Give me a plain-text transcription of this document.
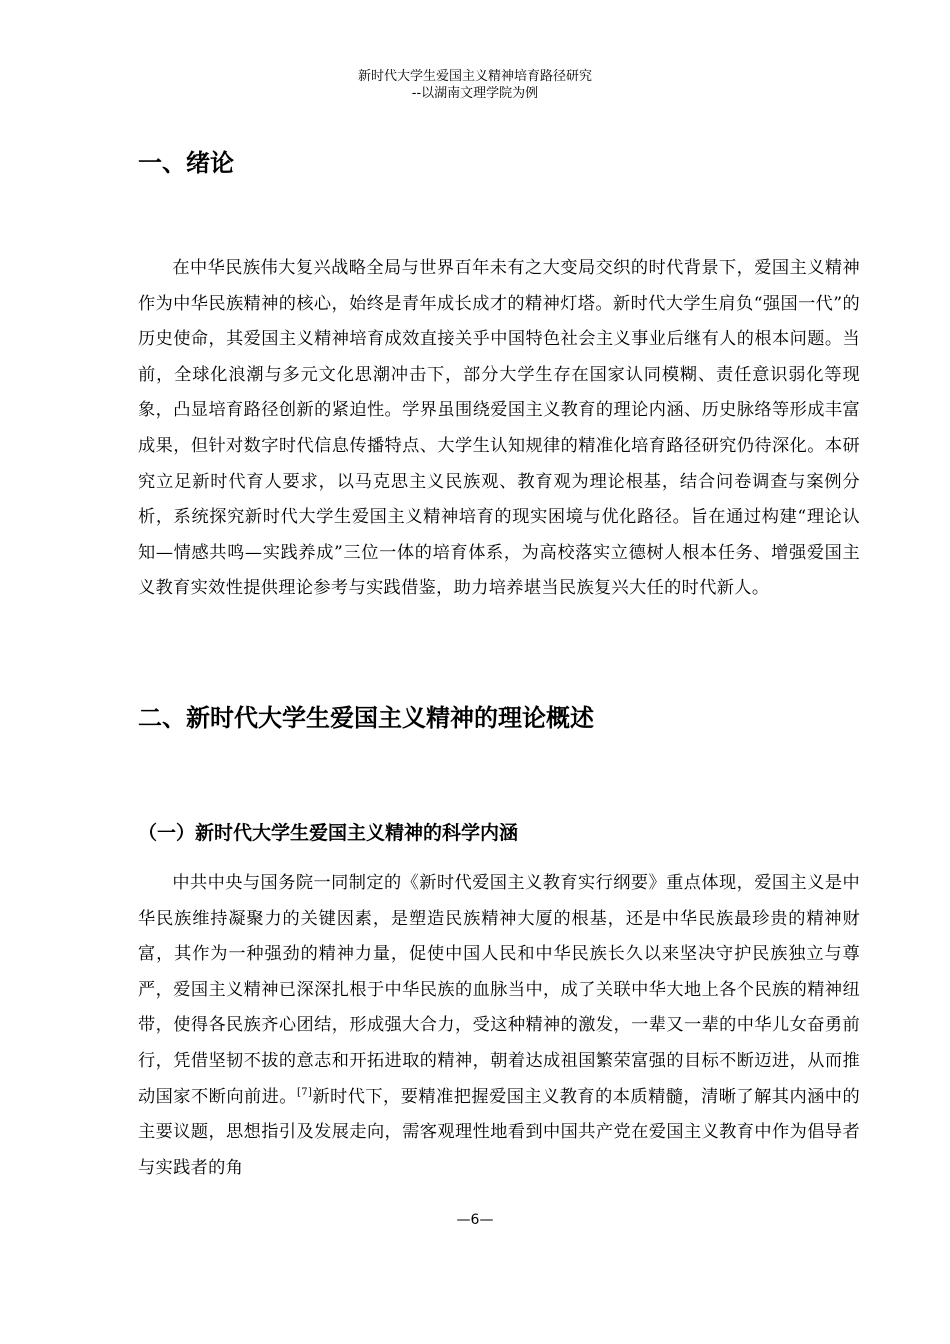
新时代大学生爱国主义精神培育路径研究
--以湖南文理学院为例
一、绪论
在中华民族伟大复兴战略全局与世界百年未有之大变局交织的时代背景下，爱国主义精神作为中华民族精神的核心，始终是青年成长成才的精神灯塔。新时代大学生肩负“强国一代”的历史使命，其爱国主义精神培育成效直接关乎中国特色社会主义事业后继有人的根本问题。当前，全球化浪潮与多元文化思潮冲击下，部分大学生存在国家认同模糊、责任意识弱化等现象，凸显培育路径创新的紧迫性。学界虽围绕爱国主义教育的理论内涵、历史脉络等形成丰富成果，但针对数字时代信息传播特点、大学生认知规律的精准化培育路径研究仍待深化。本研究立足新时代育人要求，以马克思主义民族观、教育观为理论根基，结合问卷调查与案例分析，系统探究新时代大学生爱国主义精神培育的现实困境与优化路径。旨在通过构建“理论认知—情感共鸣—实践养成”三位一体的培育体系，为高校落实立德树人根本任务、增强爱国主义教育实效性提供理论参考与实践借鉴，助力培养堪当民族复兴大任的时代新人。
二、新时代大学生爱国主义精神的理论概述
（一）新时代大学生爱国主义精神的科学内涵
中共中央与国务院一同制定的《新时代爱国主义教育实行纲要》重点体现，爱国主义是中华民族维持凝聚力的关键因素，是塑造民族精神大厦的根基，还是中华民族最珍贵的精神财富，其作为一种强劲的精神力量，促使中国人民和中华民族长久以来坚决守护民族独立与尊严，爱国主义精神已深深扎根于中华民族的血脉当中，成了关联中华大地上各个民族的精神纽带，使得各民族齐心团结，形成强大合力，受这种精神的激发，一辈又一辈的中华儿女奋勇前行，凭借坚韧不拔的意志和开拓进取的精神，朝着达成祖国繁荣富强的目标不断迈进，从而推动国家不断向前进。[7]新时代下，要精准把握爱国主义教育的本质精髓，清晰了解其内涵中的主要议题，思想指引及发展走向，需客观理性地看到中国共产党在爱国主义教育中作为倡导者与实践者的角
—6—
